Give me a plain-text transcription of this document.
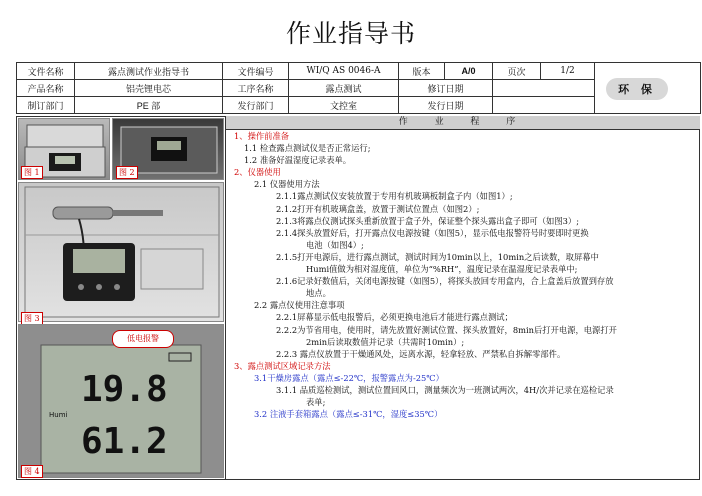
作业指导书
文件名称	露点测试作业指导书	文件编号	WI/Q AS 0046-A	版本	A/0	页次	1/2	
产品名称	铝壳锂电芯	工序名称	露点测试	修订日期				
制订部门	PE 部	发行部门	文控室	发行日期				
环 保
图 1	图 2
图 3
19.8
Humi
61.2
低电报警
图 4
作 业 程 序
1、操作前准备
1.1 检查露点测试仪是否正常运行;
1.2 准备好温湿度记录表单。
2、仪器使用
2.1 仪器使用方法
2.1.1露点测试仪安装放置于专用有机玻璃板制盒子内（如图1）;
2.1.2打开有机玻璃盒盖，放置于测试位置点（如图2）;
2.1.3将露点仪测试探头重新放置于盒子外，保证整个探头露出盒子即可（如图3）;
2.1.4探头放置好后，打开露点仪电源按键（如图5），显示低电报警符号时要即时更换
电池（如图4）;
2.1.5打开电源后，进行露点测试，测试时间为10min以上，10min之后读数，取屏幕中
Humi值做为相对湿度值，单位为“%RH”，温度记录在温湿度记录表单中;
2.1.6记录好数值后，关闭电源按键（如图5），将探头放回专用盒内，合上盒盖后放置到存放
地点。
2.2 露点仪使用注意事项
2.2.1屏幕显示低电报警后，必须更换电池后才能进行露点测试；
2.2.2为节省用电，使用时，请先放置好测试位置、探头放置好，8min后打开电源，电源打开
2min后读取数值并记录（共需时10min）;
2.2.3 露点仪放置于干燥通风处，远离水源，轻拿轻放、严禁私自拆解零部件。
3、露点测试区域记录方法
3.1干燥房露点（露点≤-22℃，报警露点为-25℃）
3.1.1 品质巡检测试，测试位置回风口，测量频次为一班测试两次，4H/次并记录在巡检记录
表单;
3.2 注液手套箱露点（露点≤-31℃，湿度≤35℃）
